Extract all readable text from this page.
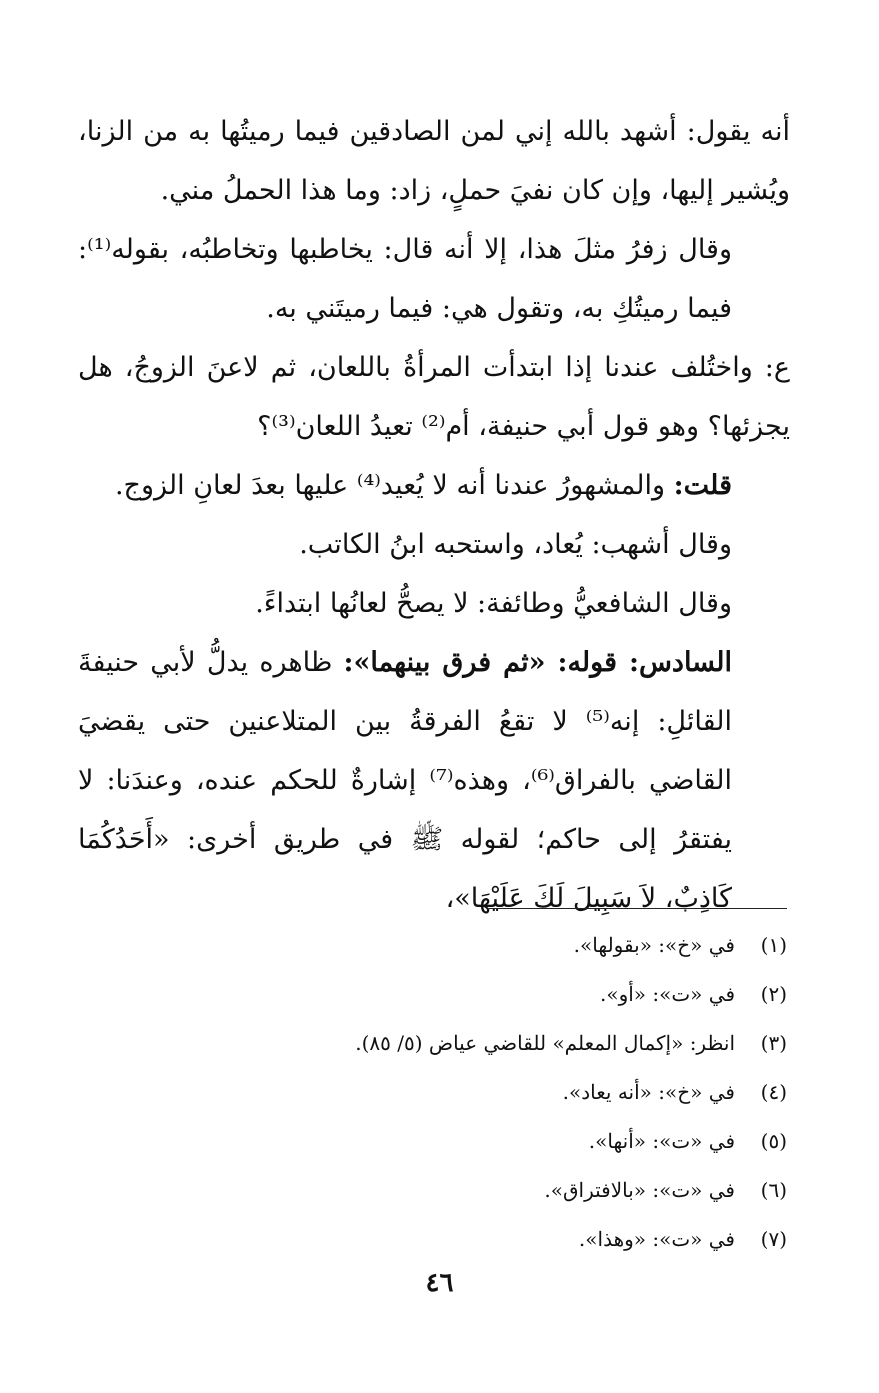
أنه يقول: أشهد بالله إني لمن الصادقين فيما رميتُها به من الزنا، ويُشير إليها، وإن كان نفيَ حملٍ، زاد: وما هذا الحملُ مني.

وقال زفرُ مثلَ هذا، إلا أنه قال: يخاطبها وتخاطبُه، بقوله⁽¹⁾: فيما رميتُكِ به، وتقول هي: فيما رميتَني به.

ع: واختُلف عندنا إذا ابتدأت المرأةُ باللعان، ثم لاعنَ الزوجُ، هل يجزئها؟ وهو قول أبي حنيفة، أم⁽²⁾ تعيدُ اللعان⁽³⁾؟

قلت: والمشهورُ عندنا أنه لا يُعيد⁽⁴⁾ عليها بعدَ لعانِ الزوج.

وقال أشهب: يُعاد، واستحبه ابنُ الكاتب.

وقال الشافعيُّ وطائفة: لا يصحُّ لعانُها ابتداءً.

السادس: قوله: «ثم فرق بينهما»: ظاهره يدلُّ لأبي حنيفةَ القائلِ: إنه⁽⁵⁾ لا تقعُ الفرقةُ بين المتلاعنين حتى يقضيَ القاضي بالفراق⁽⁶⁾، وهذه⁽⁷⁾ إشارةٌ للحكم عنده، وعندَنا: لا يفتقرُ إلى حاكم؛ لقوله ﷺ في طريق أخرى: «أَحَدُكُمَا كَاذِبٌ، لاَ سَبِيلَ لَكَ عَلَيْهَا»،

(١)
في «خ»: «بقولها».
(٢)
في «ت»: «أو».
(٣)
انظر: «إكمال المعلم» للقاضي عياض (٥/ ٨٥).
(٤)
في «خ»: «أنه يعاد».
(٥)
في «ت»: «أنها».
(٦)
في «ت»: «بالافتراق».
(٧)
في «ت»: «وهذا».
٤٦
